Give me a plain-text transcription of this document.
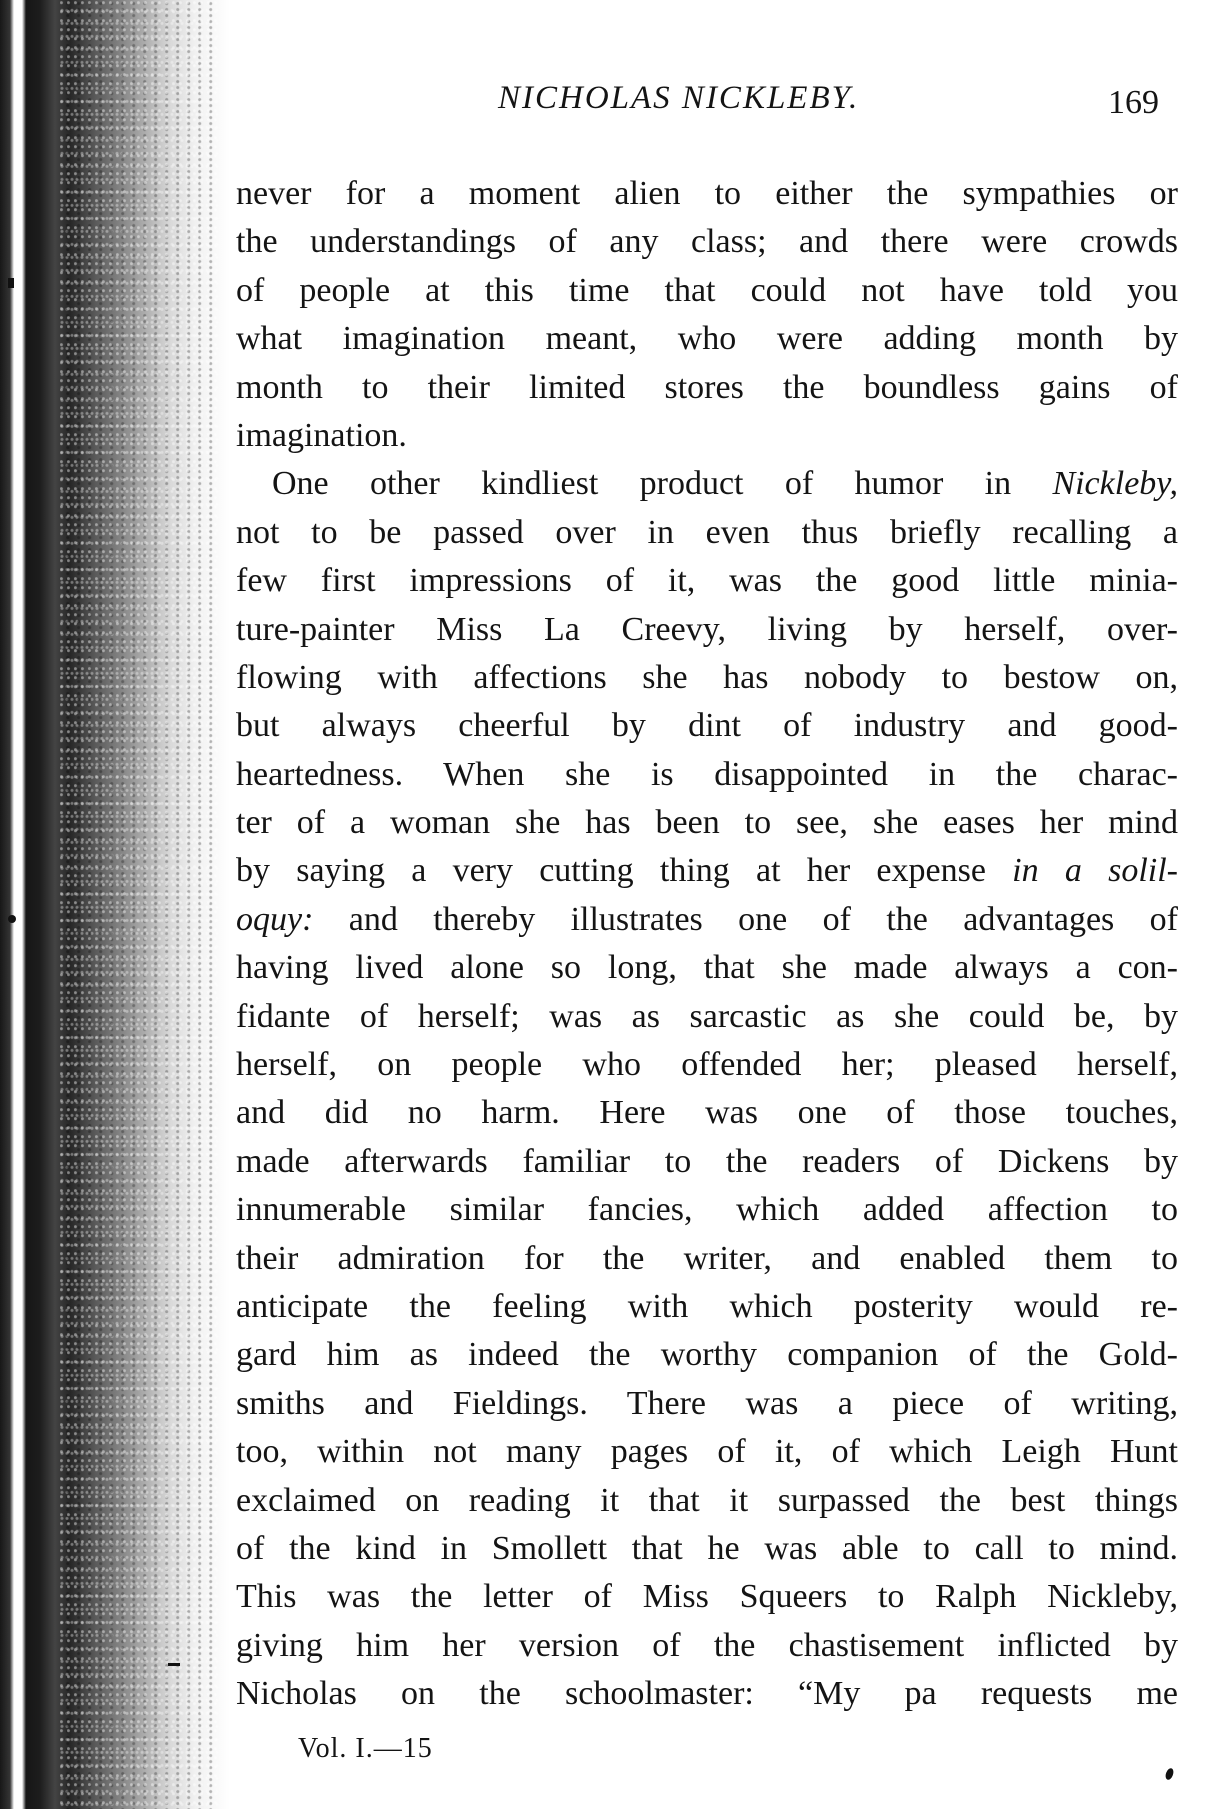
NICHOLAS NICKLEBY.	169
never for a moment alien to either the sympathies or
the understandings of any class; and there were crowds
of people at this time that could not have told you
what imagination meant, who were adding month by
month to their limited stores the boundless gains of
imagination.
One other kindliest product of humor in Nickleby,
not to be passed over in even thus briefly recalling a
few first impressions of it, was the good little minia-
ture-painter Miss La Creevy, living by herself, over-
flowing with affections she has nobody to bestow on,
but always cheerful by dint of industry and good-
heartedness. When she is disappointed in the charac-
ter of a woman she has been to see, she eases her mind
by saying a very cutting thing at her expense in a solil-
oquy: and thereby illustrates one of the advantages of
having lived alone so long, that she made always a con-
fidante of herself; was as sarcastic as she could be, by
herself, on people who offended her; pleased herself,
and did no harm. Here was one of those touches,
made afterwards familiar to the readers of Dickens by
innumerable similar fancies, which added affection to
their admiration for the writer, and enabled them to
anticipate the feeling with which posterity would re-
gard him as indeed the worthy companion of the Gold-
smiths and Fieldings. There was a piece of writing,
too, within not many pages of it, of which Leigh Hunt
exclaimed on reading it that it surpassed the best things
of the kind in Smollett that he was able to call to mind.
This was the letter of Miss Squeers to Ralph Nickleby,
giving him her version of the chastisement inflicted by
Nicholas on the schoolmaster: “My pa requests me
Vol. I.—15
